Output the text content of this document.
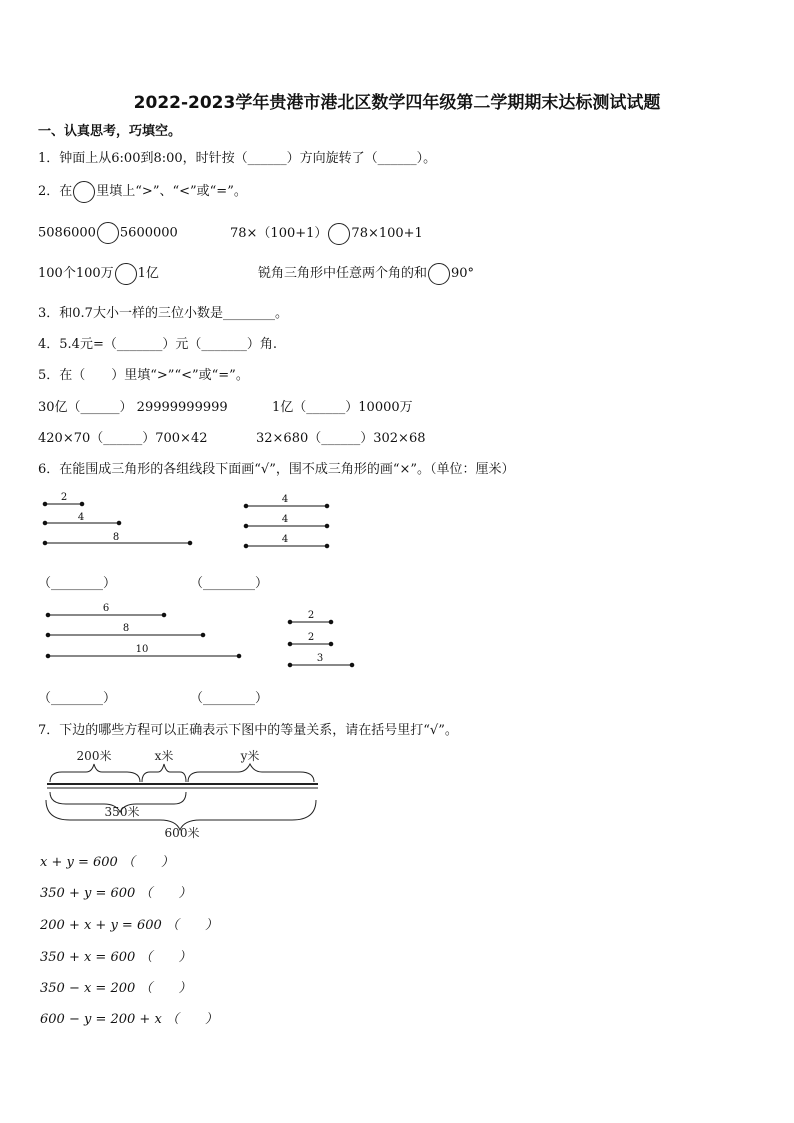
2022-2023学年贵港市港北区数学四年级第二学期期末达标测试试题
一、认真思考，巧填空。
1．钟面上从6:00到8:00，时针按（______）方向旋转了（______）。
2．在 里填上“>”、“<”或“=”。
5086000 5600000	78×（100+1） 78×100+1
100个100万 1亿	锐角三角形中任意两个角的和 90°
3．和0.7大小一样的三位小数是________。
4．5.4元=（_______）元（_______）角.
5．在（　　）里填“>”“<”或“=”。
30亿（______） 29999999999	1亿（______）10000万
420×70（______）700×42	32×680（______）302×68
6．在能围成三角形的各组线段下面画“√”，围不成三角形的画“×”。（单位：厘米）
2
4
8
4
4
4
6
8
10
2
2
3
（________）	（________）
（________）	（________）
7．下边的哪些方程可以正确表示下图中的等量关系，请在括号里打“√”。
200米	x米	y米
350米
600米
x + y = 600 （　　）
350 + y = 600 （　　）
200 + x + y = 600 （　　）
350 + x = 600 （　　）
350 − x = 200 （　　）
600 − y = 200 + x （　　）
